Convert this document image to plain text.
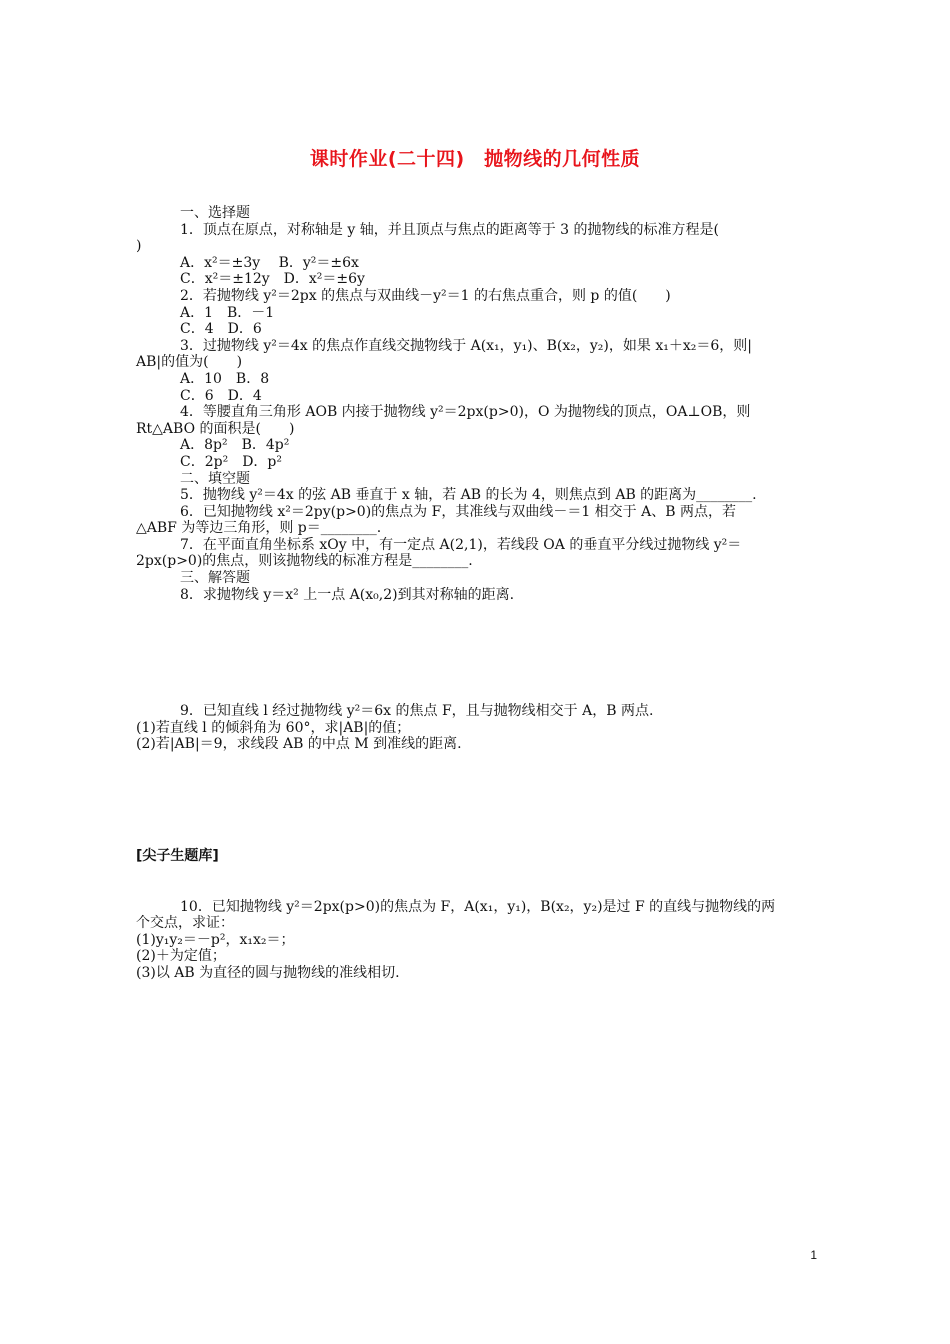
课时作业(二十四)　抛物线的几何性质
一、选择题
1．顶点在原点，对称轴是 y 轴，并且顶点与焦点的距离等于 3 的抛物线的标准方程是(
)
A．x²＝±3y　 B．y²＝±6x
C．x²＝±12y　D．x²＝±6y
2．若抛物线 y²＝2px 的焦点与双曲线－y²＝1 的右焦点重合，则 p 的值(　　)
A．1　B．－1
C．4　D．6
3．过抛物线 y²＝4x 的焦点作直线交抛物线于 A(x₁，y₁)、B(x₂，y₂)，如果 x₁＋x₂＝6，则|
AB|的值为(　　)
A．10　B．8
C．6　D．4
4．等腰直角三角形 AOB 内接于抛物线 y²＝2px(p>0)，O 为抛物线的顶点，OA⊥OB，则
Rt△ABO 的面积是(　　)
A．8p²　B．4p²
C．2p²　D．p²
二、填空题
5．抛物线 y²＝4x 的弦 AB 垂直于 x 轴，若 AB 的长为 4，则焦点到 AB 的距离为________.
6．已知抛物线 x²＝2py(p>0)的焦点为 F，其准线与双曲线－＝1 相交于 A、B 两点，若
△ABF 为等边三角形，则 p＝________.
7．在平面直角坐标系 xOy 中，有一定点 A(2,1)，若线段 OA 的垂直平分线过抛物线 y²＝
2px(p>0)的焦点，则该抛物线的标准方程是________.
三、解答题
8．求抛物线 y＝x² 上一点 A(x₀,2)到其对称轴的距离.
9．已知直线 l 经过抛物线 y²＝6x 的焦点 F，且与抛物线相交于 A，B 两点.
(1)若直线 l 的倾斜角为 60°，求|AB|的值；
(2)若|AB|＝9，求线段 AB 的中点 M 到准线的距离.
[尖子生题库]
10．已知抛物线 y²＝2px(p>0)的焦点为 F，A(x₁，y₁)，B(x₂，y₂)是过 F 的直线与抛物线的两
个交点，求证：
(1)y₁y₂＝－p²，x₁x₂＝；
(2)＋为定值；
(3)以 AB 为直径的圆与抛物线的准线相切.
1
